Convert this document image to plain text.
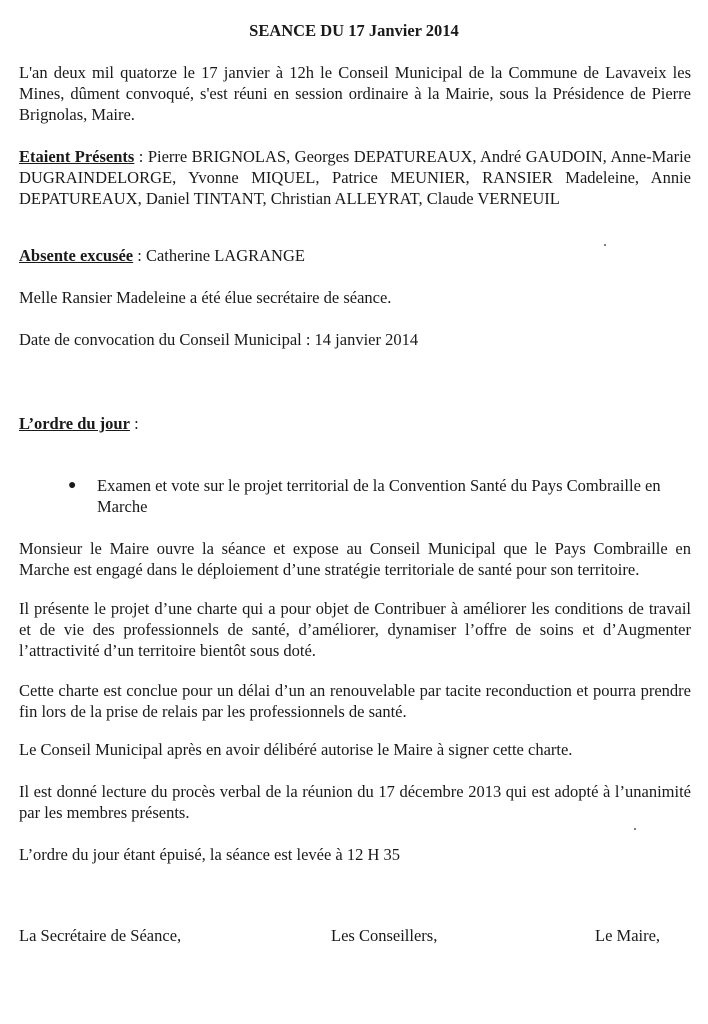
SEANCE DU 17 Janvier 2014

L'an deux mil quatorze le 17 janvier à 12h le Conseil Municipal de la Commune de Lavaveix les Mines, dûment convoqué, s'est réuni en session ordinaire à la Mairie, sous la Présidence de Pierre Brignolas, Maire.

Etaient Présents : Pierre BRIGNOLAS, Georges DEPATUREAUX, André GAUDOIN, Anne-Marie DUGRAINDELORGE, Yvonne MIQUEL, Patrice MEUNIER, RANSIER Madeleine, Annie DEPATUREAUX, Daniel TINTANT, Christian ALLEYRAT, Claude VERNEUIL

Absente excusée : Catherine LAGRANGE

Melle Ransier Madeleine a été élue secrétaire de séance.

Date de convocation du Conseil Municipal : 14 janvier 2014

L’ordre du jour :

● Examen et vote sur le projet territorial de la Convention Santé du Pays Combraille en Marche

Monsieur le Maire ouvre la séance et expose au Conseil Municipal que le Pays Combraille en Marche est engagé dans le déploiement d’une stratégie territoriale de santé pour son territoire.

Il présente le projet d’une charte qui a pour objet de Contribuer à améliorer les conditions de travail et de vie des professionnels de santé, d’améliorer, dynamiser l’offre de soins et d’Augmenter l’attractivité d’un territoire bientôt sous doté.

Cette charte est conclue pour un délai d’un an renouvelable par tacite reconduction et pourra prendre fin lors de la prise de relais par les professionnels de santé.

Le Conseil Municipal après en avoir délibéré autorise le Maire à signer cette charte.

Il est donné lecture du procès verbal de la réunion du 17 décembre 2013 qui est adopté à l’unanimité par les membres présents.

L’ordre du jour étant épuisé, la séance est levée à 12 H 35

La Secrétaire de Séance,	Les Conseillers,	Le Maire,
